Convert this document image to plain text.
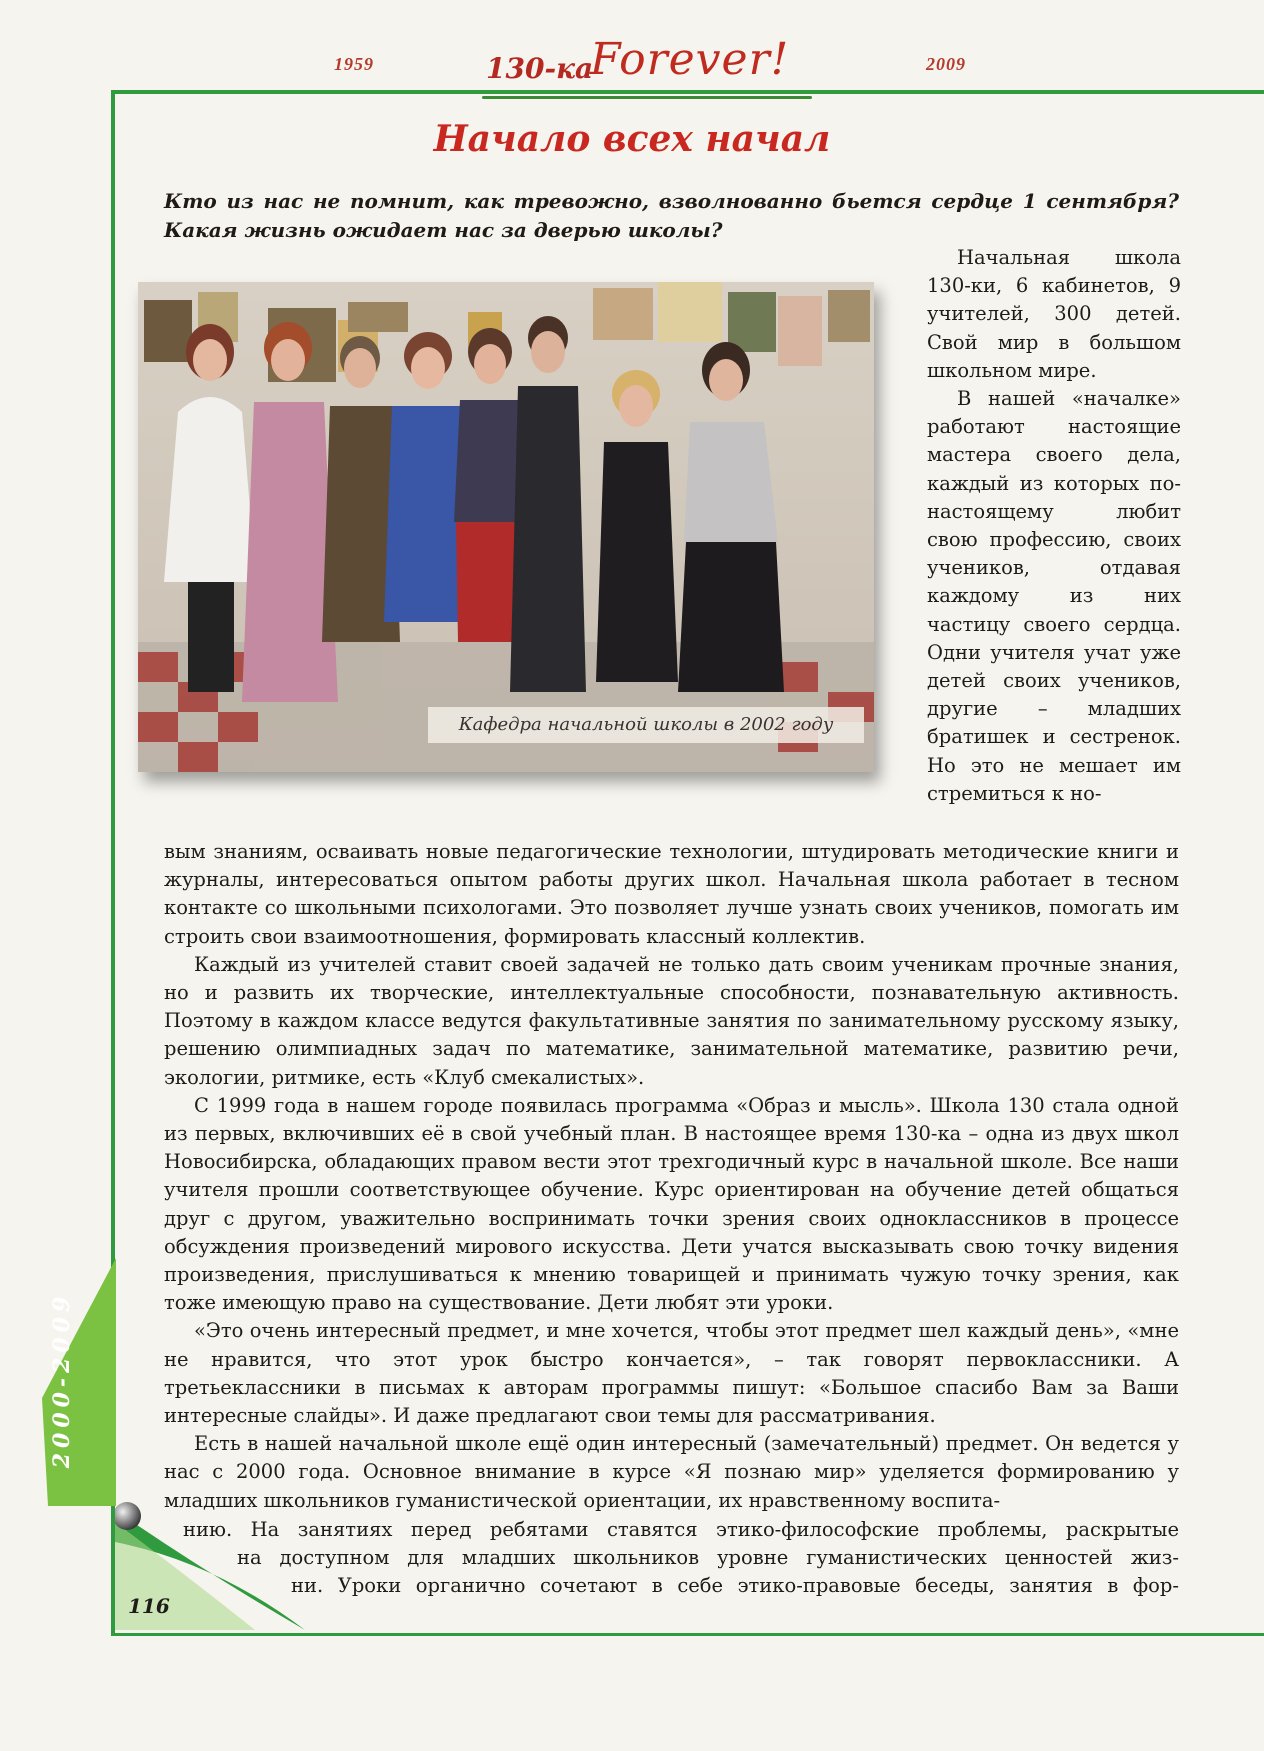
1959	130-ка
Forever!	2009
Начало всех начал
Кто из нас не помнит, как тревожно, взволнованно бьется сердце 1 сентября? Какая жизнь ожидает нас за дверью школы?
Кафедра начальной школы в 2002 году

Начальная школа 130-ки, 6 кабинетов, 9 учителей, 300 детей. Свой мир в большом школьном мире.

В нашей «началке» работают настоящие мастера своего дела, каждый из которых по-настоящему любит свою профессию, своих учеников, отдавая каждому из них частицу своего сердца. Одни учителя учат уже детей своих учеников, другие – младших братишек и сестренок. Но это не мешает им стремиться к но-

вым знаниям, осваивать новые педагогические технологии, штудировать методические книги и журналы, интересоваться опытом работы других школ. Начальная школа работает в тесном контакте со школьными психологами. Это позволяет лучше узнать своих учеников, помогать им строить свои взаимоотношения, формировать классный коллектив.

Каждый из учителей ставит своей задачей не только дать своим ученикам прочные знания, но и развить их творческие, интеллектуальные способности, познавательную активность. Поэтому в каждом классе ведутся факультативные занятия по занимательному русскому языку, решению олимпиадных задач по математике, занимательной математике, развитию речи, экологии, ритмике, есть «Клуб смекалистых».

С 1999 года в нашем городе появилась программа «Образ и мысль». Школа 130 стала одной из первых, включивших её в свой учебный план. В настоящее время 130-ка – одна из двух школ Новосибирска, обладающих правом вести этот трехгодичный курс в начальной школе. Все наши учителя прошли соответствующее обучение. Курс ориентирован на обучение детей общаться друг с другом, уважительно воспринимать точки зрения своих одноклассников в процессе обсуждения произведений мирового искусства. Дети учатся высказывать свою точку видения произведения, прислушиваться к мнению товарищей и принимать чужую точку зрения, как тоже имеющую право на существование. Дети любят эти уроки.

«Это очень интересный предмет, и мне хочется, чтобы этот предмет шел каждый день», «мне не нравится, что этот урок быстро кончается», – так говорят первоклассники. А третьеклассники в письмах к авторам программы пишут: «Большое спасибо Вам за Ваши интересные слайды». И даже предлагают свои темы для рассматривания.

Есть в нашей начальной школе ещё один интересный (замечательный) предмет. Он ведется у нас с 2000 года. Основное внимание в курсе «Я познаю мир» уделяется формированию у младших школьников гуманистической ориентации, их нравственному воспита-

нию. На занятиях перед ребятами ставятся этико-философские проблемы, раскрытые
на доступном для младших школьников уровне гуманистических ценностей жиз-
ни. Уроки органично сочетают в себе этико-правовые беседы, занятия в фор-
2000-2009
116
